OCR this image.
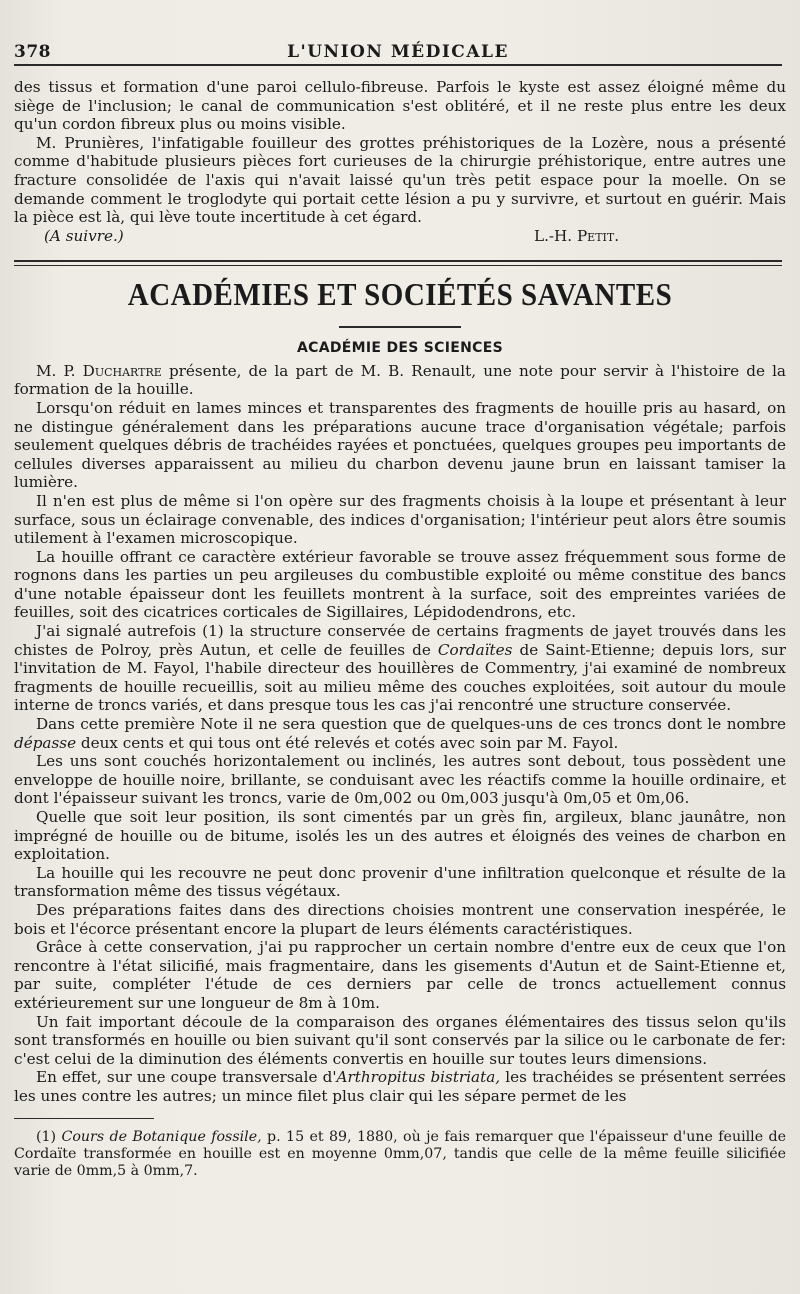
378	L'UNION MÉDICALE

des tissus et formation d'une paroi cellulo-fibreuse. Parfois le kyste est assez éloigné même du siège de l'inclusion; le canal de communication s'est oblitéré, et il ne reste plus entre les deux qu'un cordon fibreux plus ou moins visible.

M. Prunières, l'infatigable fouilleur des grottes préhistoriques de la Lozère, nous a présenté comme d'habitude plusieurs pièces fort curieuses de la chirurgie préhistorique, entre autres une fracture consolidée de l'axis qui n'avait laissé qu'un très petit espace pour la moelle. On se demande comment le troglodyte qui portait cette lésion a pu y survivre, et surtout en guérir. Mais la pièce est là, qui lève toute incertitude à cet égard.

(A suivre.)	L.-H. Petit.
ACADÉMIES ET SOCIÉTÉS SAVANTES
ACADÉMIE DES SCIENCES

M. P. Duchartre présente, de la part de M. B. Renault, une note pour servir à l'histoire de la formation de la houille.

Lorsqu'on réduit en lames minces et transparentes des fragments de houille pris au hasard, on ne distingue généralement dans les préparations aucune trace d'organisation végétale; parfois seulement quelques débris de trachéides rayées et ponctuées, quelques groupes peu importants de cellules diverses apparaissent au milieu du charbon devenu jaune brun en laissant tamiser la lumière.

Il n'en est plus de même si l'on opère sur des fragments choisis à la loupe et présentant à leur surface, sous un éclairage convenable, des indices d'organisation; l'intérieur peut alors être soumis utilement à l'examen microscopique.

La houille offrant ce caractère extérieur favorable se trouve assez fréquemment sous forme de rognons dans les parties un peu argileuses du combustible exploité ou même constitue des bancs d'une notable épaisseur dont les feuillets montrent à la surface, soit des empreintes variées de feuilles, soit des cicatrices corticales de Sigillaires, Lépidodendrons, etc.

J'ai signalé autrefois (1) la structure conservée de certains fragments de jayet trouvés dans les chistes de Polroy, près Autun, et celle de feuilles de Cordaïtes de Saint-Etienne; depuis lors, sur l'invitation de M. Fayol, l'habile directeur des houillères de Commentry, j'ai examiné de nombreux fragments de houille recueillis, soit au milieu même des couches exploitées, soit autour du moule interne de troncs variés, et dans presque tous les cas j'ai rencontré une structure conservée.

Dans cette première Note il ne sera question que de quelques-uns de ces troncs dont le nombre dépasse deux cents et qui tous ont été relevés et cotés avec soin par M. Fayol.

Les uns sont couchés horizontalement ou inclinés, les autres sont debout, tous possèdent une enveloppe de houille noire, brillante, se conduisant avec les réactifs comme la houille ordinaire, et dont l'épaisseur suivant les troncs, varie de 0m,002 ou 0m,003 jusqu'à 0m,05 et 0m,06.

Quelle que soit leur position, ils sont cimentés par un grès fin, argileux, blanc jaunâtre, non imprégné de houille ou de bitume, isolés les un des autres et éloignés des veines de charbon en exploitation.

La houille qui les recouvre ne peut donc provenir d'une infiltration quelconque et résulte de la transformation même des tissus végétaux.

Des préparations faites dans des directions choisies montrent une conservation inespérée, le bois et l'écorce présentant encore la plupart de leurs éléments caractéristiques.

Grâce à cette conservation, j'ai pu rapprocher un certain nombre d'entre eux de ceux que l'on rencontre à l'état silicifié, mais fragmentaire, dans les gisements d'Autun et de Saint-Etienne et, par suite, compléter l'étude de ces derniers par celle de troncs actuellement connus extérieurement sur une longueur de 8m à 10m.

Un fait important découle de la comparaison des organes élémentaires des tissus selon qu'ils sont transformés en houille ou bien suivant qu'il sont conservés par la silice ou le carbonate de fer: c'est celui de la diminution des éléments convertis en houille sur toutes leurs dimensions.

En effet, sur une coupe transversale d'Arthropitus bistriata, les trachéides se présentent serrées les unes contre les autres; un mince filet plus clair qui les sépare permet de les

(1) Cours de Botanique fossile, p. 15 et 89, 1880, où je fais remarquer que l'épaisseur d'une feuille de Cordaïte transformée en houille est en moyenne 0mm,07, tandis que celle de la même feuille silicifiée varie de 0mm,5 à 0mm,7.
